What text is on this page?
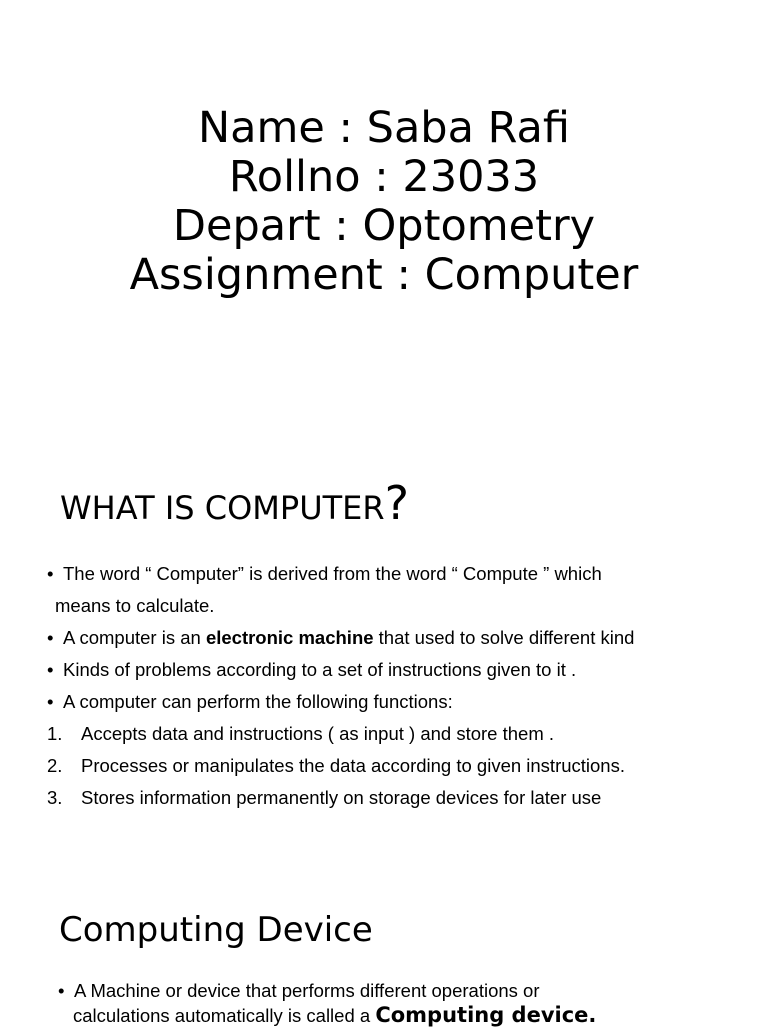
Name : Saba Rafi
Rollno : 23033
Depart : Optometry
Assignment : Computer
WHAT IS COMPUTER?
• The word “ Computer” is derived from the word “ Compute ” which
means to calculate.
• A computer is an electronic machine that used to solve different kind
• Kinds of problems according to a set of instructions given to it .
• A computer can perform the following functions:
1. Accepts data and instructions ( as input ) and store them .
2. Processes or manipulates the data according to given instructions.
3. Stores information permanently on storage devices for later use
Computing Device
• A Machine or device that performs different operations or
calculations automatically is called a Computing device.
